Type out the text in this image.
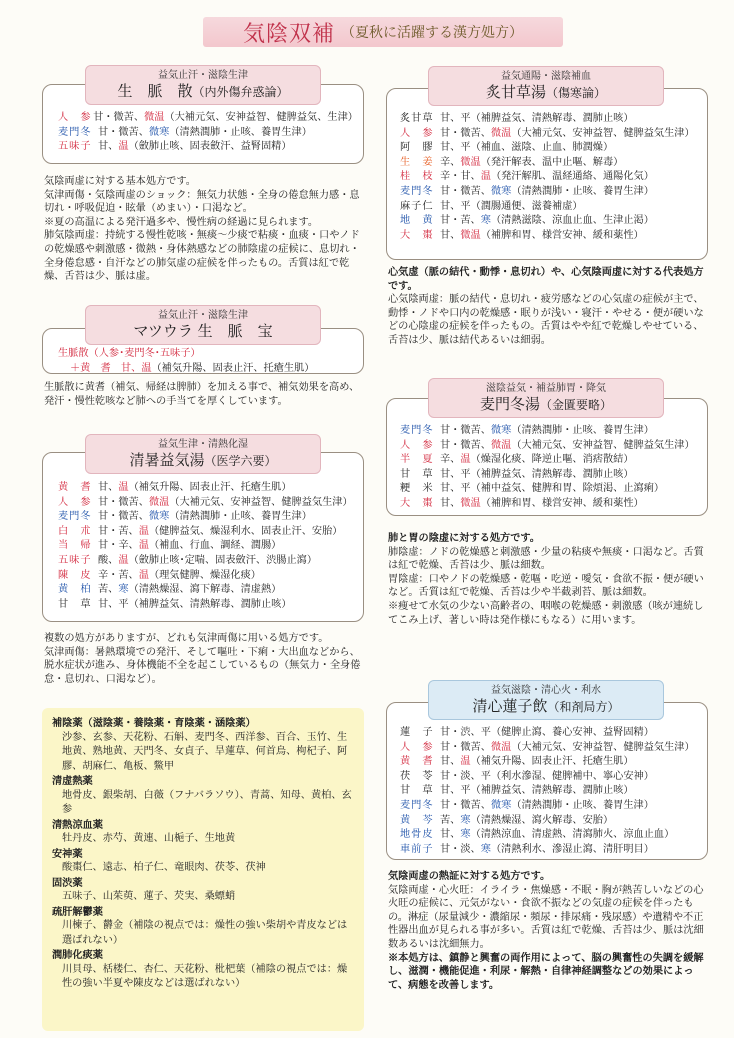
気陰双補 （夏秋に活躍する漢方処方）
益気止汗・滋陰生津
生　脈　散（内外傷弁惑論）
人　参 甘・微苦、 微温 （大補元気、安神益智、健脾益気、生津）
麦門冬 甘・微苦、 微寒 （清熱潤肺・止咳、養胃生津）
五味子 甘、 温 （斂肺止咳、固表斂汗、益腎固精）

気陰両虚に対する基本処方です。

気津両傷・気陰両虚のショック：無気力状態・全身の倦怠無力感・息切れ・呼吸促迫・眩暈（めまい）・口渇など。

※夏の高温による発汗過多や、慢性病の経過に見られます。

肺気陰両虚：持続する慢性乾咳・無痰～少痰で粘痰・血痰・口やノドの乾燥感や刺激感・微熱・身体熱感などの肺陰虚の症候に、息切れ・全身倦怠感・自汗などの肺気虚の症候を伴ったもの。舌質は紅で乾燥、舌苔は少、脈は虚。

益気止汗・滋陰生津
マツウラ 生　脈　宝
生脈散（人参･麦門冬･五味子）
＋黄　耆　甘、温（補気升陽、固表止汗、托瘡生肌）

生脈散に黄耆（補気、帰経は脾肺）を加える事で、補気効果を高め、発汗・慢性乾咳など肺への手当てを厚くしています。

益気生津・清熱化湿
清暑益気湯（医学六要）
黄　耆 甘、 温 （補気升陽、固表止汗、托瘡生肌）
人　参 甘・微苦、 微温 （大補元気、安神益智、健脾益気生津）
麦門冬 甘・微苦、 微寒 （清熱潤肺・止咳、養胃生津）
白　朮 甘・苦、 温 （健脾益気、燥湿利水、固表止汗、安胎）
当　帰 甘・辛、 温 （補血、行血、調経、潤腸）
五味子 酸、 温 （斂肺止咳･定喘、固表斂汗、渋腸止瀉）
陳　皮 辛・苦、 温 （理気健脾、燥湿化痰）
黄　柏 苦、 寒 （清熱燥湿、瀉下解毒、清虚熱）
甘　草 甘、平 （補脾益気、清熱解毒、潤肺止咳）

複数の処方がありますが、どれも気津両傷に用いる処方です。

気津両傷：暑熱環境での発汗、そして嘔吐・下痢・大出血などから、脱水症状が進み、身体機能不全を起こしているもの（無気力・全身倦怠・息切れ、口渇など）。

補陰薬（滋陰薬・養陰薬・育陰薬・涵陰薬）
沙参、玄参、天花粉、石斛、麦門冬、西洋参、百合、玉竹、生地黄、熟地黄、天門冬、女貞子、旱蓮草、何首烏、枸杞子、阿膠、胡麻仁、亀板、鱉甲
清虚熱薬
地骨皮、銀柴胡、白薇（フナバラソウ）、青蒿、知母、黄柏、玄参
清熱涼血薬
牡丹皮、赤芍、黄連、山梔子、生地黄
安神薬
酸棗仁、遠志、柏子仁、竜眼肉、茯苓、茯神
固渋薬
五味子、山茱萸、蓮子、芡実、桑螵蛸
疏肝解鬱薬
川楝子、欝金（補陰の視点では：燥性の強い柴胡や青皮などは選ばれない）
潤肺化痰薬
川貝母、栝楼仁、杏仁、天花粉、枇杷葉（補陰の視点では：燥性の強い半夏や陳皮などは選ばれない）
益気通陽・滋陰補血
炙甘草湯（傷寒論）
炙甘草 甘、平 （補脾益気、清熱解毒、潤肺止咳）
人　参 甘・微苦、 微温 （大補元気、安神益智、健脾益気生津）
阿　膠 甘、平 （補血、滋陰、止血、肺潤燥）
生　姜 辛、 微温 （発汗解表、温中止嘔、解毒）
桂　枝 辛・甘、 温 （発汗解肌、温経通絡、通陽化気）
麦門冬 甘・微苦、 微寒 （清熱潤肺・止咳、養胃生津）
麻子仁 甘、平 （潤腸通便、滋養補虚）
地　黄 甘・苦、 寒 （清熱滋陰、涼血止血、生津止渇）
大　棗 甘、 微温 （補脾和胃、様営安神、緩和薬性）

心気虚（脈の結代・動悸・息切れ）や、心気陰両虚に対する代表処方です。

心気陰両虚：脈の結代・息切れ・疲労感などの心気虚の症候が主で、動悸・ノドや口内の乾燥感・眠りが浅い・寝汗・やせる・便が硬いなどの心陰虚の症候を伴ったもの。舌質はやや紅で乾燥しやせている、舌苔は少、脈は結代あるいは細弱。

滋陰益気・補益肺胃・降気
麦門冬湯（金匱要略）
麦門冬 甘・微苦、 微寒 （清熱潤肺・止咳、養胃生津）
人　参 甘・微苦、 微温 （大補元気、安神益智、健脾益気生津）
半　夏 辛、 温 （燥湿化痰、降逆止嘔、消痞散結）
甘　草 甘、平 （補脾益気、清熱解毒、潤肺止咳）
粳　米 甘、平 （補中益気、健脾和胃、除煩渇、止瀉痢）
大　棗 甘、 微温 （補脾和胃、様営安神、緩和薬性）

肺と胃の陰虚に対する処方です。

肺陰虚：ノドの乾燥感と刺激感・少量の粘痰や無痰・口渇など。舌質は紅で乾燥、舌苔は少、脈は細数。

胃陰虚：口やノドの乾燥感・乾嘔・吃逆・噯気・食欲不振・便が硬いなど。舌質は紅で乾燥、舌苔は少や半截剥苔、脈は細数。

※痩せて水気の少ない高齢者の、咽喉の乾燥感・刺激感（咳が連続してこみ上げ、著しい時は発作様にもなる）に用います。

益気滋陰・清心火・利水
清心蓮子飲（和剤局方）
蓮　子 甘・渋、平 （健脾止瀉、養心安神、益腎固精）
人　参 甘・微苦、 微温 （大補元気、安神益智、健脾益気生津）
黄　耆 甘、 温 （補気升陽、固表止汗、托瘡生肌）
茯　苓 甘・淡、平 （利水滲湿、健脾補中、寧心安神）
甘　草 甘、平 （補脾益気、清熱解毒、潤肺止咳）
麦門冬 甘・微苦、 微寒 （清熱潤肺・止咳、養胃生津）
黄　芩 苦、 寒 （清熱燥湿、瀉火解毒、安胎）
地骨皮 甘、 寒 （清熱涼血、清虚熱、清瀉肺火、涼血止血）
車前子 甘・淡、 寒 （清熱利水、滲湿止瀉、清肝明目）

気陰両虚の熱証に対する処方です。

気陰両虚・心火旺：イライラ・焦燥感・不眠・胸が熱苦しいなどの心火旺の症候に、元気がない・食欲不振などの気虚の症候を伴ったもの。淋症（尿量減少・濃縮尿・頻尿・排尿痛・残尿感）や遺精や不正性器出血が見られる事が多い。舌質は紅で乾燥、舌苔は少、脈は沈細数あるいは沈細無力。

※本処方は、鎮静と興奮の両作用によって、脳の興奮性の失調を緩解し、滋潤・機能促進・利尿・解熱・自律神経調整などの効果によって、病態を改善します。
